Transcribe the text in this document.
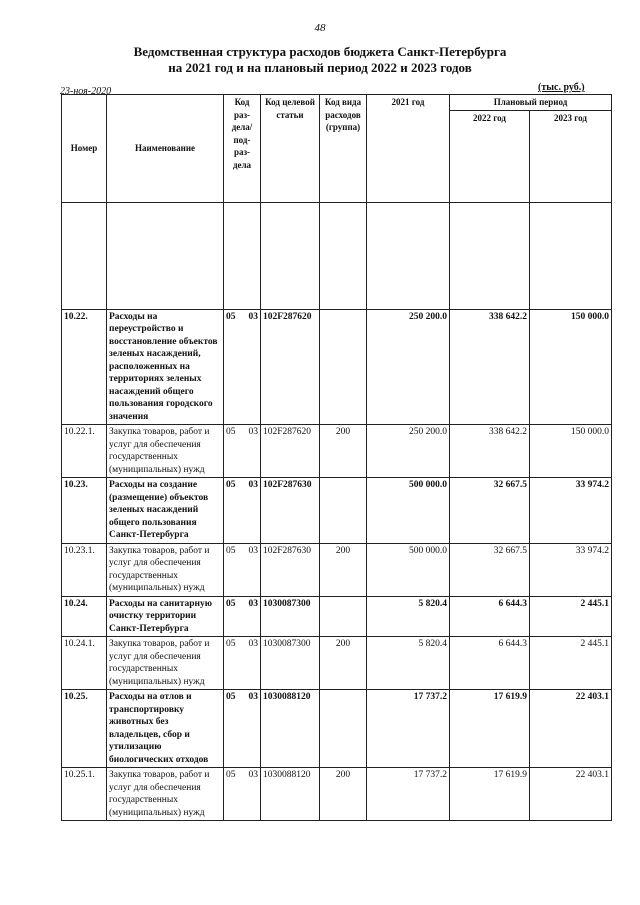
48
Ведомственная структура расходов бюджета Санкт-Петербурга
на 2021 год и на плановый период 2022 и 2023 годов
23-ноя-2020	(тыс. руб.)
Номер	Наименование	Код раз- дела/ под- раз- дела		Код целевой статьи	Код вида расходов (группа)	2021 год	Плановый период	
							2022 год	2023 год

10.22.	Расходы на переустройство и восстановление объектов зеленых насаждений, расположенных на территориях зеленых насаждений общего пользования городского значения	05	03	102F287620		250 200.0	338 642.2	150 000.0
10.22.1.	Закупка товаров, работ и услуг для обеспечения государственных (муниципальных) нужд	05	03	102F287620	200	250 200.0	338 642.2	150 000.0
10.23.	Расходы на создание (размещение) объектов зеленых насаждений общего пользования Санкт-Петербурга	05	03	102F287630		500 000.0	32 667.5	33 974.2
10.23.1.	Закупка товаров, работ и услуг для обеспечения государственных (муниципальных) нужд	05	03	102F287630	200	500 000.0	32 667.5	33 974.2
10.24.	Расходы на санитарную очистку территории Санкт-Петербурга	05	03	1030087300		5 820.4	6 644.3	2 445.1
10.24.1.	Закупка товаров, работ и услуг для обеспечения государственных (муниципальных) нужд	05	03	1030087300	200	5 820.4	6 644.3	2 445.1
10.25.	Расходы на отлов и транспортировку животных без владельцев, сбор и утилизацию биологических отходов	05	03	1030088120		17 737.2	17 619.9	22 403.1
10.25.1.	Закупка товаров, работ и услуг для обеспечения государственных (муниципальных) нужд	05	03	1030088120	200	17 737.2	17 619.9	22 403.1
